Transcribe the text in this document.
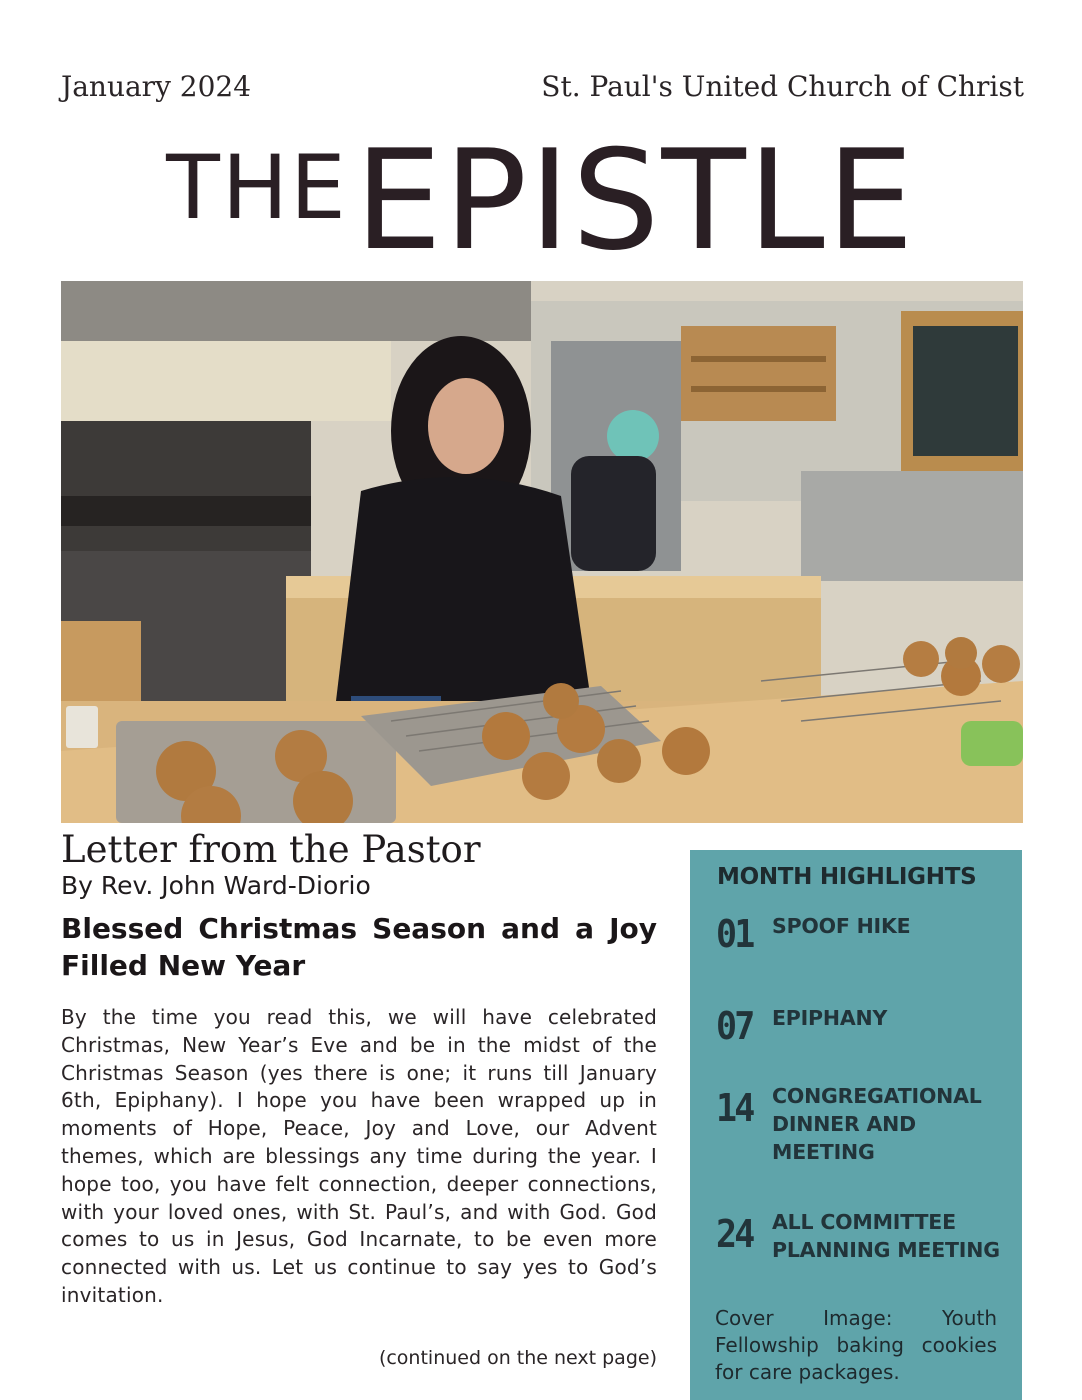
January 2024	St. Paul's United Church of Christ
THE EPISTLE
Letter from the Pastor
By Rev. John Ward-Diorio
Blessed Christmas Season and a Joy Filled New Year
By the time you read this, we will have celebrated Christmas, New Year’s Eve and be in the midst of the Christmas Season (yes there is one; it runs till January 6th, Epiphany). I hope you have been wrapped up in moments of Hope, Peace, Joy and Love, our Advent themes, which are blessings any time during the year. I hope too, you have felt connection, deeper connections, with your loved ones, with St. Paul’s, and with God. God comes to us in Jesus, God Incarnate, to be even more connected with us. Let us continue to say yes to God’s invitation.
(continued on the next page)
MONTH HIGHLIGHTS
01 SPOOF HIKE
07 EPIPHANY
14 CONGREGATIONAL DINNER AND MEETING
24 ALL COMMITTEE PLANNING MEETING
Cover Image: Youth Fellowship baking cookies for care packages.
